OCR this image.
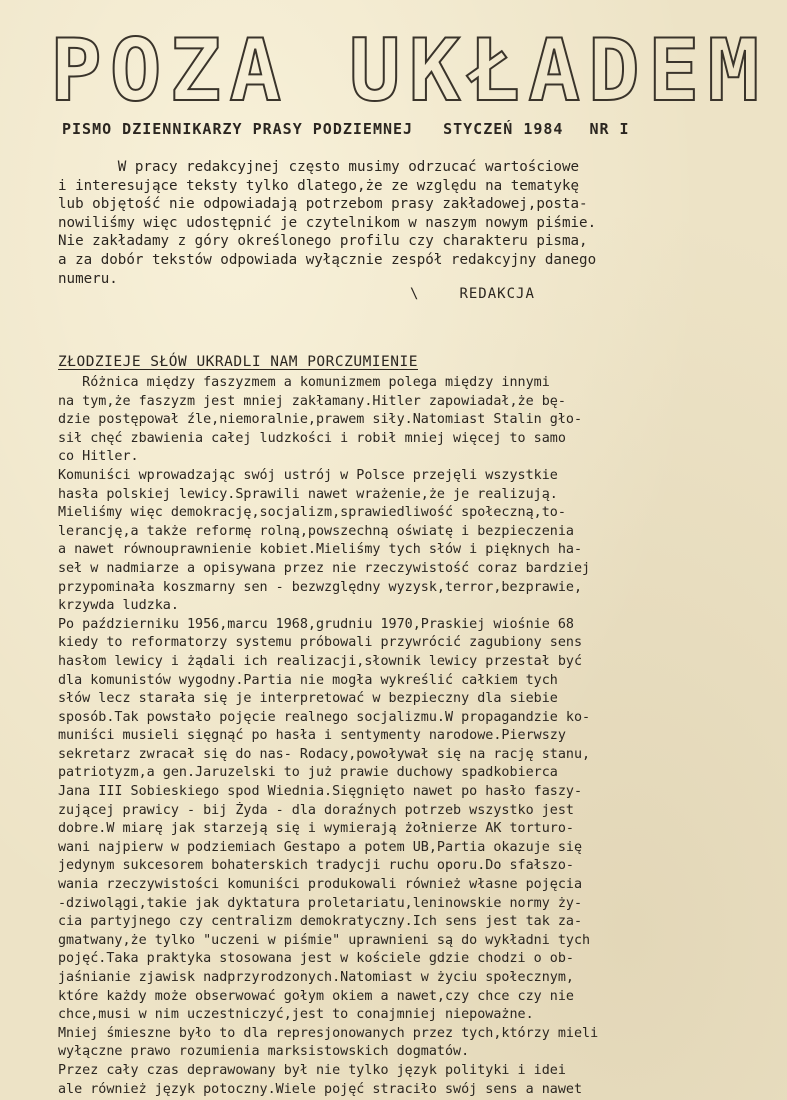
POZA UKŁADEM
PISMO DZIENNIKARZY PRASY PODZIEMNEJ STYCZEŃ 1984 NR I
W pracy redakcyjnej często musimy odrzucać wartościowe
i interesujące teksty tylko dlatego,że ze względu na tematykę
lub objętość nie odpowiadają potrzebom prasy zakładowej,posta-
nowiliśmy więc udostępnić je czytelnikom w naszym nowym piśmie.
Nie zakładamy z góry określonego profilu czy charakteru pisma,
a za dobór tekstów odpowiada wyłącznie zespół redakcyjny danego
numeru.
\	REDAKCJA
ZŁODZIEJE SŁÓW UKRADLI NAM PORCZUMIENIE
Różnica między faszyzmem a komunizmem polega między innymi
na tym,że faszyzm jest mniej zakłamany.Hitler zapowiadał,że bę-
dzie postępował źle,niemoralnie,prawem siły.Natomiast Stalin gło-
sił chęć zbawienia całej ludzkości i robił mniej więcej to samo
co Hitler.
Komuniści wprowadzając swój ustrój w Polsce przejęli wszystkie
hasła polskiej lewicy.Sprawili nawet wrażenie,że je realizują.
Mieliśmy więc demokrację,socjalizm,sprawiedliwość społeczną,to-
lerancję,a także reformę rolną,powszechną oświatę i bezpieczenia
a nawet równouprawnienie kobiet.Mieliśmy tych słów i pięknych ha-
seł w nadmiarze a opisywana przez nie rzeczywistość coraz bardziej
przypominała koszmarny sen - bezwzględny wyzysk,terror,bezprawie,
krzywda ludzka.
Po październiku 1956,marcu 1968,grudniu 1970,Praskiej wiośnie 68
kiedy to reformatorzy systemu próbowali przywrócić zagubiony sens
hasłom lewicy i żądali ich realizacji,słownik lewicy przestał być
dla komunistów wygodny.Partia nie mogła wykreślić całkiem tych
słów lecz starała się je interpretować w bezpieczny dla siebie
sposób.Tak powstało pojęcie realnego socjalizmu.W propagandzie ko-
muniści musieli sięgnąć po hasła i sentymenty narodowe.Pierwszy
sekretarz zwracał się do nas- Rodacy,powoływał się na rację stanu,
patriotyzm,a gen.Jaruzelski to już prawie duchowy spadkobierca
Jana III Sobieskiego spod Wiednia.Sięgnięto nawet po hasło faszy-
zującej prawicy - bij Żyda - dla doraźnych potrzeb wszystko jest
dobre.W miarę jak starzeją się i wymierają żołnierze AK torturo-
wani najpierw w podziemiach Gestapo a potem UB,Partia okazuje się
jedynym sukcesorem bohaterskich tradycji ruchu oporu.Do sfałszo-
wania rzeczywistości komuniści produkowali również własne pojęcia
-dziwolągi,takie jak dyktatura proletariatu,leninowskie normy ży-
cia partyjnego czy centralizm demokratyczny.Ich sens jest tak za-
gmatwany,że tylko "uczeni w piśmie" uprawnieni są do wykładni tych
pojęć.Taka praktyka stosowana jest w kościele gdzie chodzi o ob-
jaśnianie zjawisk nadprzyrodzonych.Natomiast w życiu społecznym,
które każdy może obserwować gołym okiem a nawet,czy chce czy nie
chce,musi w nim uczestniczyć,jest to conajmniej niepoważne.
Mniej śmieszne było to dla represjonowanych przez tych,którzy mieli
wyłączne prawo rozumienia marksistowskich dogmatów.
Przez cały czas deprawowany był nie tylko język polityki i idei
ale również język potoczny.Wiele pojęć straciło swój sens a nawet
